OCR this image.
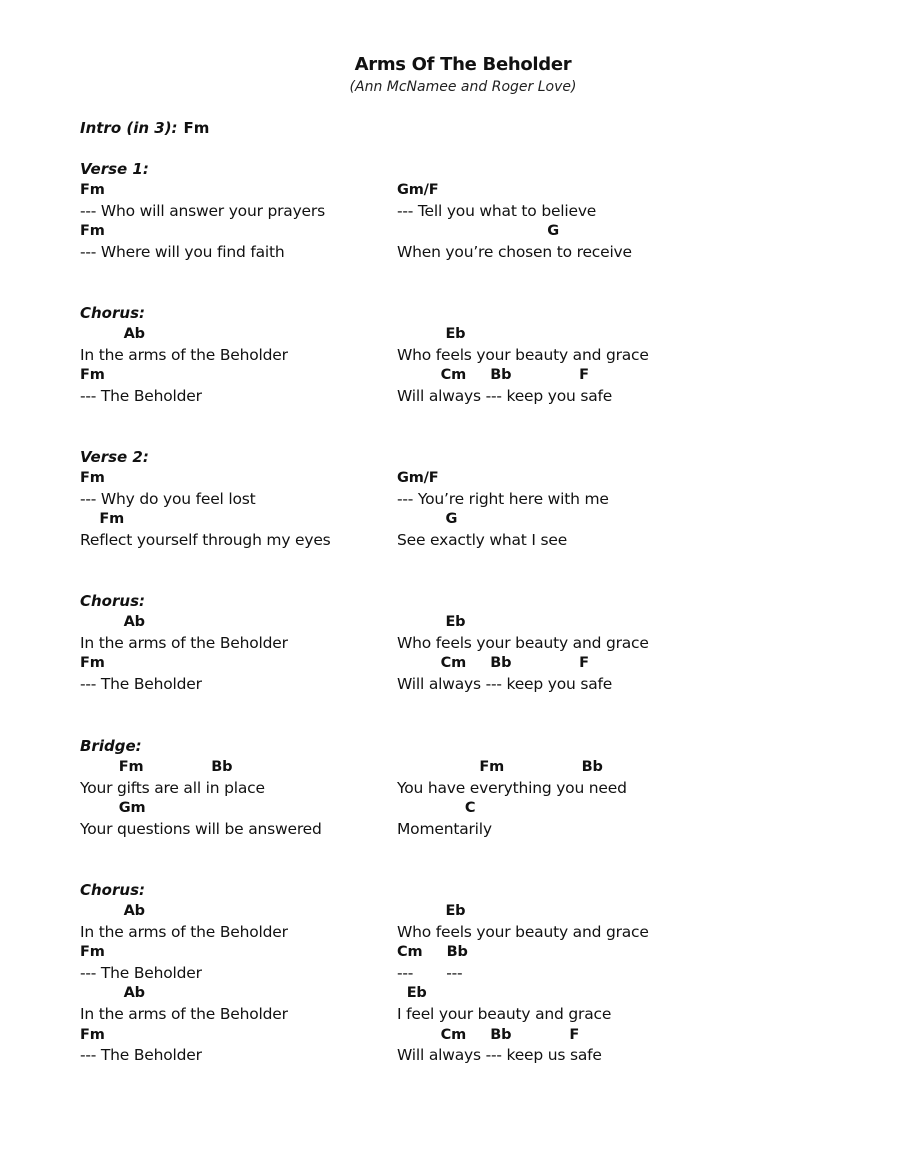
Arms Of The Beholder
(Ann McNamee and Roger Love)
Intro (in 3): Fm
Verse 1:
Fm
--- Who will answer your prayers
Fm
--- Where will you find faith
Gm/F
--- Tell you what to believe
G
When you’re chosen to receive
Chorus:
Ab
In the arms of the Beholder
Fm
--- The Beholder
Eb
Who feels your beauty and grace
Cm     Bb              F
Will always --- keep you safe
Verse 2:
Fm
--- Why do you feel lost
Fm
Reflect yourself through my eyes
Gm/F
--- You’re right here with me
G
See exactly what I see
Chorus:
Ab
In the arms of the Beholder
Fm
--- The Beholder
Eb
Who feels your beauty and grace
Cm     Bb              F
Will always --- keep you safe
Bridge:
Fm              Bb
Your gifts are all in place
Gm
Your questions will be answered
Fm                Bb
You have everything you need
C
Momentarily
Chorus:
Ab
In the arms of the Beholder
Fm
--- The Beholder
Ab
In the arms of the Beholder
Fm
--- The Beholder
Eb
Who feels your beauty and grace
Cm     Bb
---       ---
Eb
I feel your beauty and grace
Cm     Bb            F
Will always --- keep us safe
